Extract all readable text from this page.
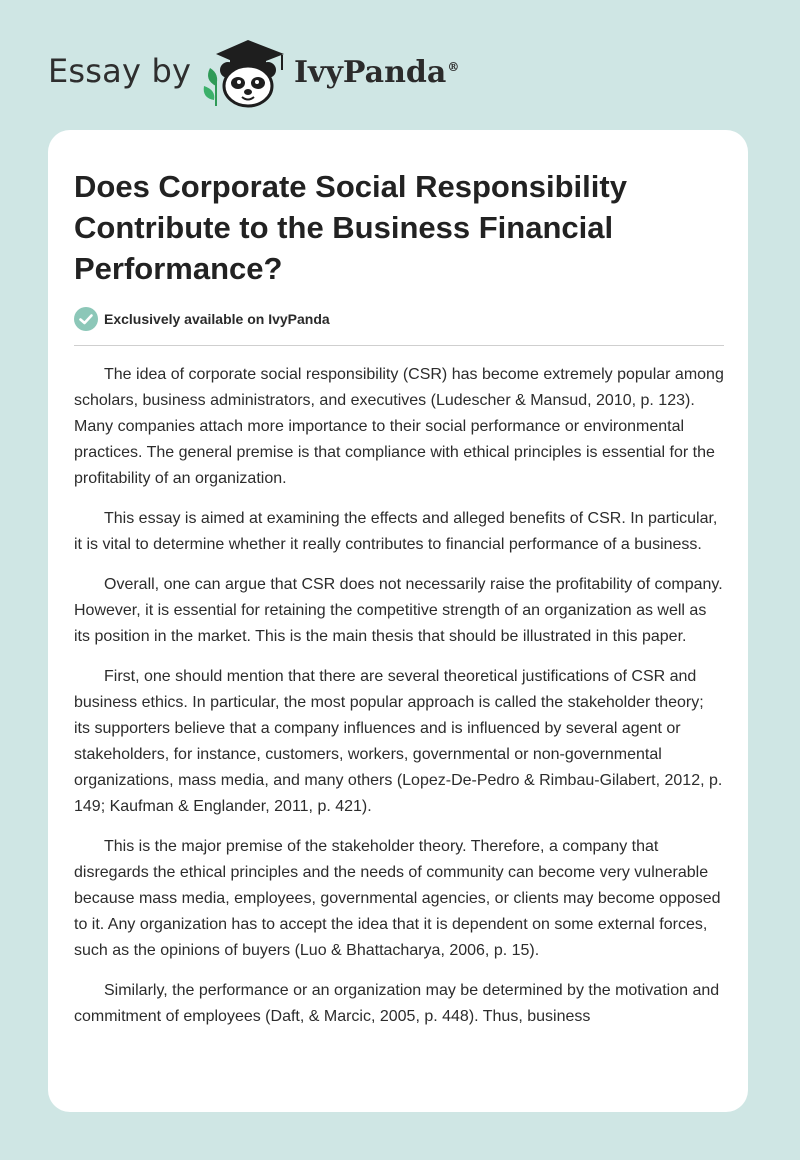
Essay by	IvyPanda®
Does Corporate Social Responsibility Contribute to the Business Financial Performance?
Exclusively available on IvyPanda

The idea of corporate social responsibility (CSR) has become extremely popular among scholars, business administrators, and executives (Ludescher & Mansud, 2010, p. 123). Many companies attach more importance to their social performance or environmental practices. The general premise is that compliance with ethical principles is essential for the profitability of an organization.

This essay is aimed at examining the effects and alleged benefits of CSR. In particular, it is vital to determine whether it really contributes to financial performance of a business.

Overall, one can argue that CSR does not necessarily raise the profitability of company. However, it is essential for retaining the competitive strength of an organization as well as its position in the market. This is the main thesis that should be illustrated in this paper.

First, one should mention that there are several theoretical justifications of CSR and business ethics. In particular, the most popular approach is called the stakeholder theory; its supporters believe that a company influences and is influenced by several agent or stakeholders, for instance, customers, workers, governmental or non-governmental organizations, mass media, and many others (Lopez-De-Pedro & Rimbau-Gilabert, 2012, p. 149; Kaufman & Englander, 2011, p. 421).

This is the major premise of the stakeholder theory. Therefore, a company that disregards the ethical principles and the needs of community can become very vulnerable because mass media, employees, governmental agencies, or clients may become opposed to it. Any organization has to accept the idea that it is dependent on some external forces, such as the opinions of buyers (Luo & Bhattacharya, 2006, p. 15).

Similarly, the performance or an organization may be determined by the motivation and commitment of employees (Daft, & Marcic, 2005, p. 448). Thus, business
